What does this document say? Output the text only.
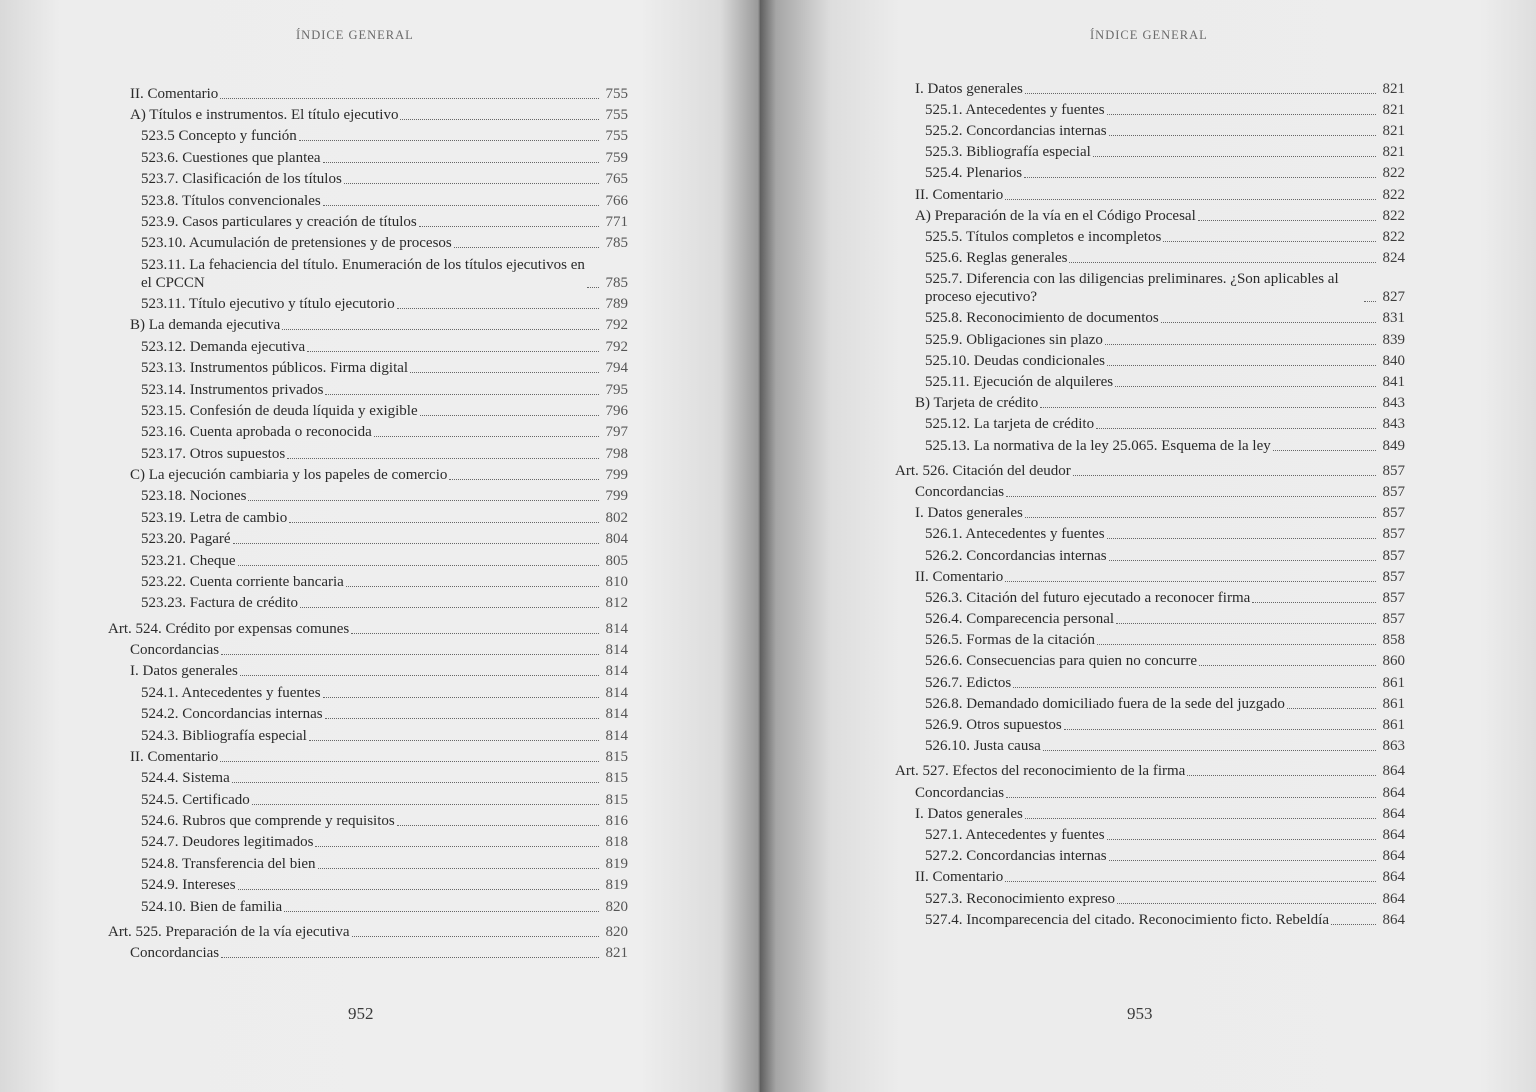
ÍNDICE GENERAL
II. Comentario	755
A) Títulos e instrumentos. El título ejecutivo	755
523.5 Concepto y función	755
523.6. Cuestiones que plantea	759
523.7. Clasificación de los títulos	765
523.8. Títulos convencionales	766
523.9. Casos particulares y creación de títulos	771
523.10. Acumulación de pretensiones y de procesos	785
523.11. La fehaciencia del título. Enumeración de los títulos ejecutivos en el CPCCN	785
523.11. Título ejecutivo y título ejecutorio	789
B) La demanda ejecutiva	792
523.12. Demanda ejecutiva	792
523.13. Instrumentos públicos. Firma digital	794
523.14. Instrumentos privados	795
523.15. Confesión de deuda líquida y exigible	796
523.16. Cuenta aprobada o reconocida	797
523.17. Otros supuestos	798
C) La ejecución cambiaria y los papeles de comercio	799
523.18. Nociones	799
523.19. Letra de cambio	802
523.20. Pagaré	804
523.21. Cheque	805
523.22. Cuenta corriente bancaria	810
523.23. Factura de crédito	812
Art. 524. Crédito por expensas comunes	814
Concordancias	814
I. Datos generales	814
524.1. Antecedentes y fuentes	814
524.2. Concordancias internas	814
524.3. Bibliografía especial	814
II. Comentario	815
524.4. Sistema	815
524.5. Certificado	815
524.6. Rubros que comprende y requisitos	816
524.7. Deudores legitimados	818
524.8. Transferencia del bien	819
524.9. Intereses	819
524.10. Bien de familia	820
Art. 525. Preparación de la vía ejecutiva	820
Concordancias	821
952
ÍNDICE GENERAL
I. Datos generales	821
525.1. Antecedentes y fuentes	821
525.2. Concordancias internas	821
525.3. Bibliografía especial	821
525.4. Plenarios	822
II. Comentario	822
A) Preparación de la vía en el Código Procesal	822
525.5. Títulos completos e incompletos	822
525.6. Reglas generales	824
525.7. Diferencia con las diligencias preliminares. ¿Son aplicables al proceso ejecutivo?	827
525.8. Reconocimiento de documentos	831
525.9. Obligaciones sin plazo	839
525.10. Deudas condicionales	840
525.11. Ejecución de alquileres	841
B) Tarjeta de crédito	843
525.12. La tarjeta de crédito	843
525.13. La normativa de la ley 25.065. Esquema de la ley	849
Art. 526. Citación del deudor	857
Concordancias	857
I. Datos generales	857
526.1. Antecedentes y fuentes	857
526.2. Concordancias internas	857
II. Comentario	857
526.3. Citación del futuro ejecutado a reconocer firma	857
526.4. Comparecencia personal	857
526.5. Formas de la citación	858
526.6. Consecuencias para quien no concurre	860
526.7. Edictos	861
526.8. Demandado domiciliado fuera de la sede del juzgado	861
526.9. Otros supuestos	861
526.10. Justa causa	863
Art. 527. Efectos del reconocimiento de la firma	864
Concordancias	864
I. Datos generales	864
527.1. Antecedentes y fuentes	864
527.2. Concordancias internas	864
II. Comentario	864
527.3. Reconocimiento expreso	864
527.4. Incomparecencia del citado. Reconocimiento ficto. Rebeldía	864
953
